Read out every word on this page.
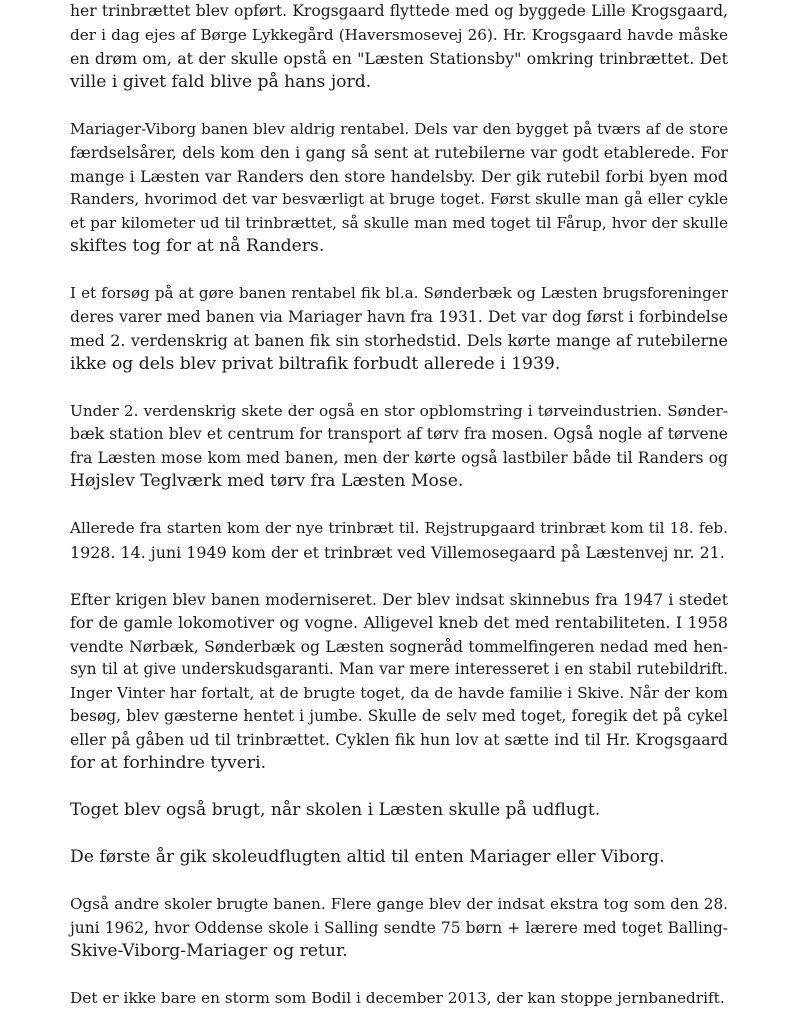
her trinbrættet blev opført. Krogsgaard flyttede med og byggede Lille Krogsgaard,
der i dag ejes af Børge Lykkegård (Haversmosevej 26). Hr. Krogsgaard havde måske
en drøm om, at der skulle opstå en "Læsten Stationsby" omkring trinbrættet. Det
ville i givet fald blive på hans jord.
Mariager-Viborg banen blev aldrig rentabel. Dels var den bygget på tværs af de store
færdselsårer, dels kom den i gang så sent at rutebilerne var godt etablerede. For
mange i Læsten var Randers den store handelsby. Der gik rutebil forbi byen mod
Randers, hvorimod det var besværligt at bruge toget. Først skulle man gå eller cykle
et par kilometer ud til trinbrættet, så skulle man med toget til Fårup, hvor der skulle
skiftes tog for at nå Randers.
I et forsøg på at gøre banen rentabel fik bl.a. Sønderbæk og Læsten brugsforeninger
deres varer med banen via Mariager havn fra 1931. Det var dog først i forbindelse
med 2. verdenskrig at banen fik sin storhedstid. Dels kørte mange af rutebilerne
ikke og dels blev privat biltrafik forbudt allerede i 1939.
Under 2. verdenskrig skete der også en stor opblomstring i tørveindustrien. Sønder-
bæk station blev et centrum for transport af tørv fra mosen. Også nogle af tørvene
fra Læsten mose kom med banen, men der kørte også lastbiler både til Randers og
Højslev Teglværk med tørv fra Læsten Mose.
Allerede fra starten kom der nye trinbræt til. Rejstrupgaard trinbræt kom til 18. feb.
1928. 14. juni 1949 kom der et trinbræt ved Villemosegaard på Læstenvej nr. 21.
Efter krigen blev banen moderniseret. Der blev indsat skinnebus fra 1947 i stedet
for de gamle lokomotiver og vogne. Alligevel kneb det med rentabiliteten. I 1958
vendte Nørbæk, Sønderbæk og Læsten sogneråd tommelfingeren nedad med hen-
syn til at give underskudsgaranti. Man var mere interesseret i en stabil rutebildrift.
Inger Vinter har fortalt, at de brugte toget, da de havde familie i Skive. Når der kom
besøg, blev gæsterne hentet i jumbe. Skulle de selv med toget, foregik det på cykel
eller på gåben ud til trinbrættet. Cyklen fik hun lov at sætte ind til Hr. Krogsgaard
for at forhindre tyveri.
Toget blev også brugt, når skolen i Læsten skulle på udflugt.
De første år gik skoleudflugten altid til enten Mariager eller Viborg.
Også andre skoler brugte banen. Flere gange blev der indsat ekstra tog som den 28.
juni 1962, hvor Oddense skole i Salling sendte 75 børn + lærere med toget Balling-
Skive-Viborg-Mariager og retur.
Det er ikke bare en storm som Bodil i december 2013, der kan stoppe jernbanedrift.
